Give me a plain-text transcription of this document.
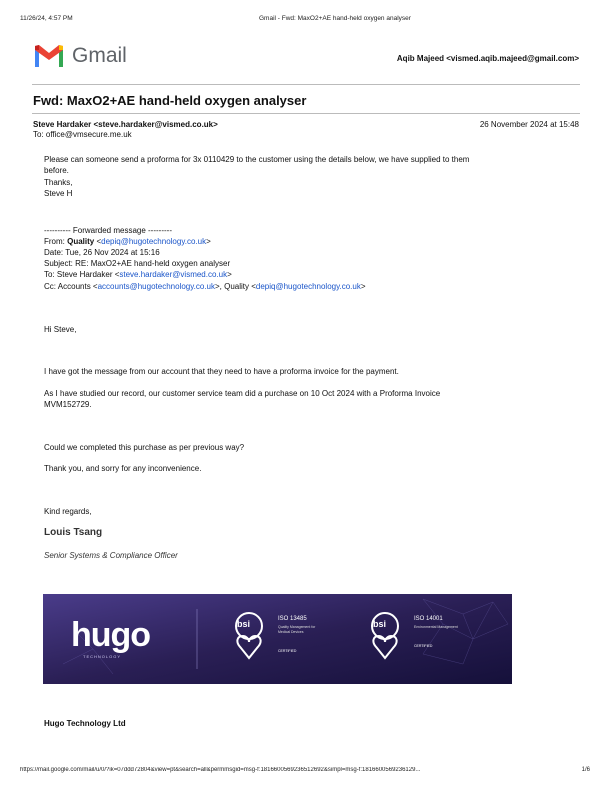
11/26/24, 4:57 PM	Gmail - Fwd: MaxO2+AE hand-held oxygen analyser
Gmail	Aqib Majeed <vismed.aqib.majeed@gmail.com>
Fwd: MaxO2+AE hand-held oxygen analyser
Steve Hardaker <steve.hardaker@vismed.co.uk>	26 November 2024 at 15:48
To: office@vmsecure.me.uk
Please can someone send a proforma for 3x 0110429 to the customer using the details below, we have supplied to them
before.
Thanks,
Steve H
---------- Forwarded message ---------
From: Quality <depiq@hugotechnology.co.uk>
Date: Tue, 26 Nov 2024 at 15:16
Subject: RE: MaxO2+AE hand-held oxygen analyser
To: Steve Hardaker <steve.hardaker@vismed.co.uk>
Cc: Accounts <accounts@hugotechnology.co.uk>, Quality <depiq@hugotechnology.co.uk>
Hi Steve,
I have got the message from our account that they need to have a proforma invoice for the payment.
As I have studied our record, our customer service team did a purchase on 10 Oct 2024 with a Proforma Invoice
MVM152729.
Could we completed this purchase as per previous way?
Thank you, and sorry for any inconvenience.
Kind regards,
Louis Tsang
Senior Systems & Compliance Officer
hugo
TECHNOLOGY
bsi	ISO 13485
Quality Management for Medical Devices
CERTIFIED
bsi	ISO 14001
Environmental Management
CERTIFIED
Hugo Technology Ltd
https://mail.google.com/mail/u/0/?ik=07ddd72804&view=pt&search=all&permmsgid=msg-f:1816600569236512692&simpl=msg-f:1816600569236129...	1/6
